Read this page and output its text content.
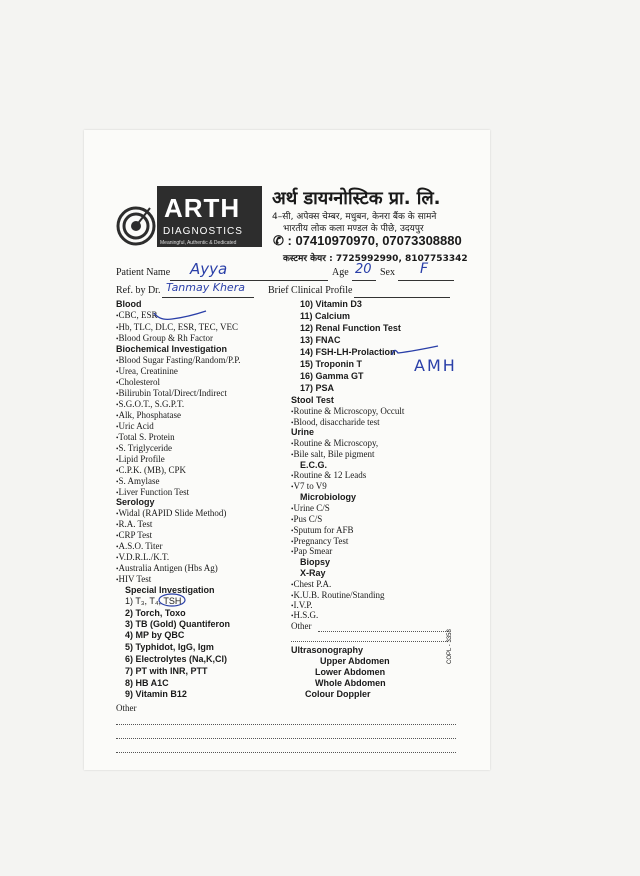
ARTH
DIAGNOSTICS
Meaningful, Authentic & Dedicated
अर्थ डायग्नोस्टिक प्रा. लि.
4–सी, अपेक्स चेम्बर, मधुबन, केनरा बैंक के सामने
भारतीय लोक कला मण्डल के पीछे, उदयपुर
✆ : 07410970970, 07073308880
कस्टमर केयर : 7725992990, 8107753342
Patient Name Ayya	Age 20 Sex F
Ref. by Dr. Tanmay Khera Brief Clinical Profile
Blood
• CBC, ESR
• Hb, TLC, DLC, ESR, TEC, VEC
• Blood Group & Rh Factor
Biochemical Investigation
• Blood Sugar Fasting/Random/P.P.
• Urea, Creatinine
• Cholesterol
• Bilirubin Total/Direct/Indirect
• S.G.O.T., S.G.P.T.
• Alk, Phosphatase
• Uric Acid
• Total S. Protein
• S. Triglyceride
• Lipid Profile
• C.P.K. (MB), CPK
• S. Amylase
• Liver Function Test
Serology
• Widal (RAPID Slide Method)
• R.A. Test
• CRP Test
• A.S.O. Titer
• V.D.R.L./K.T.
• Australia Antigen (Hbs Ag)
• HIV Test
Special Investigation
1) T₃, T₄, TSH
2) Torch, Toxo
3) TB (Gold) Quantiferon
4) MP by QBC
5) Typhidot, IgG, Igm
6) Electrolytes (Na,K,Cl)
7) PT with INR, PTT
8) HB A1C
9) Vitamin B12
Other
10) Vitamin D3
11) Calcium
12) Renal Function Test
13) FNAC
14) FSH-LH-Prolaction
15) Troponin T
16) Gamma GT
17) PSA
Stool Test
• Routine & Microscopy, Occult
• Blood, disaccharide test
Urine
• Routine & Microscopy,
• Bile salt, Bile pigment
E.C.G.
• Routine & 12 Leads
• V7 to V9
Microbiology
• Urine C/S
• Pus C/S
• Sputum for AFB
• Pregnancy Test
• Pap Smear
Biopsy
X-Ray
• Chest P.A.
• K.U.B. Routine/Standing
• I.V.P.
• H.S.G.
Other
Ultrasonography
Upper Abdomen
Lower Abdomen
Whole Abdomen
Colour Doppler
AMH
COPL - 3358
